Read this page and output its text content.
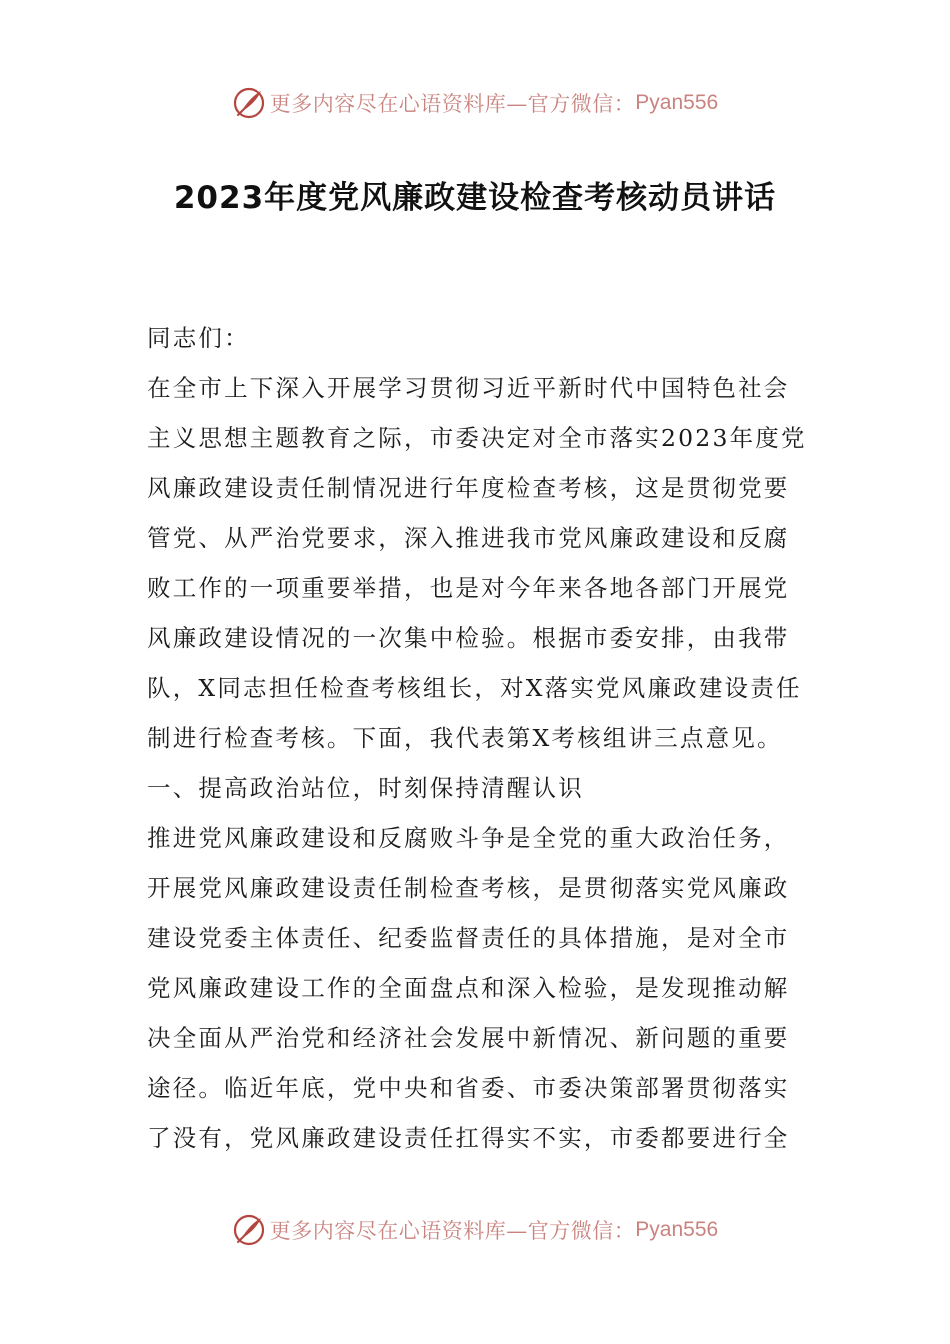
更多内容尽在心语资料库—官方微信： Pyan556
2023年度党风廉政建设检查考核动员讲话
同志们：
在全市上下深入开展学习贯彻习近平新时代中国特色社会
主义思想主题教育之际，市委决定对全市落实2023年度党
风廉政建设责任制情况进行年度检查考核，这是贯彻党要
管党、从严治党要求，深入推进我市党风廉政建设和反腐
败工作的一项重要举措，也是对今年来各地各部门开展党
风廉政建设情况的一次集中检验。根据市委安排，由我带
队，X同志担任检查考核组长，对X落实党风廉政建设责任
制进行检查考核。下面，我代表第X考核组讲三点意见。
一、提高政治站位，时刻保持清醒认识
推进党风廉政建设和反腐败斗争是全党的重大政治任务，
开展党风廉政建设责任制检查考核，是贯彻落实党风廉政
建设党委主体责任、纪委监督责任的具体措施，是对全市
党风廉政建设工作的全面盘点和深入检验，是发现推动解
决全面从严治党和经济社会发展中新情况、新问题的重要
途径。临近年底，党中央和省委、市委决策部署贯彻落实
了没有，党风廉政建设责任扛得实不实，市委都要进行全
更多内容尽在心语资料库—官方微信： Pyan556
